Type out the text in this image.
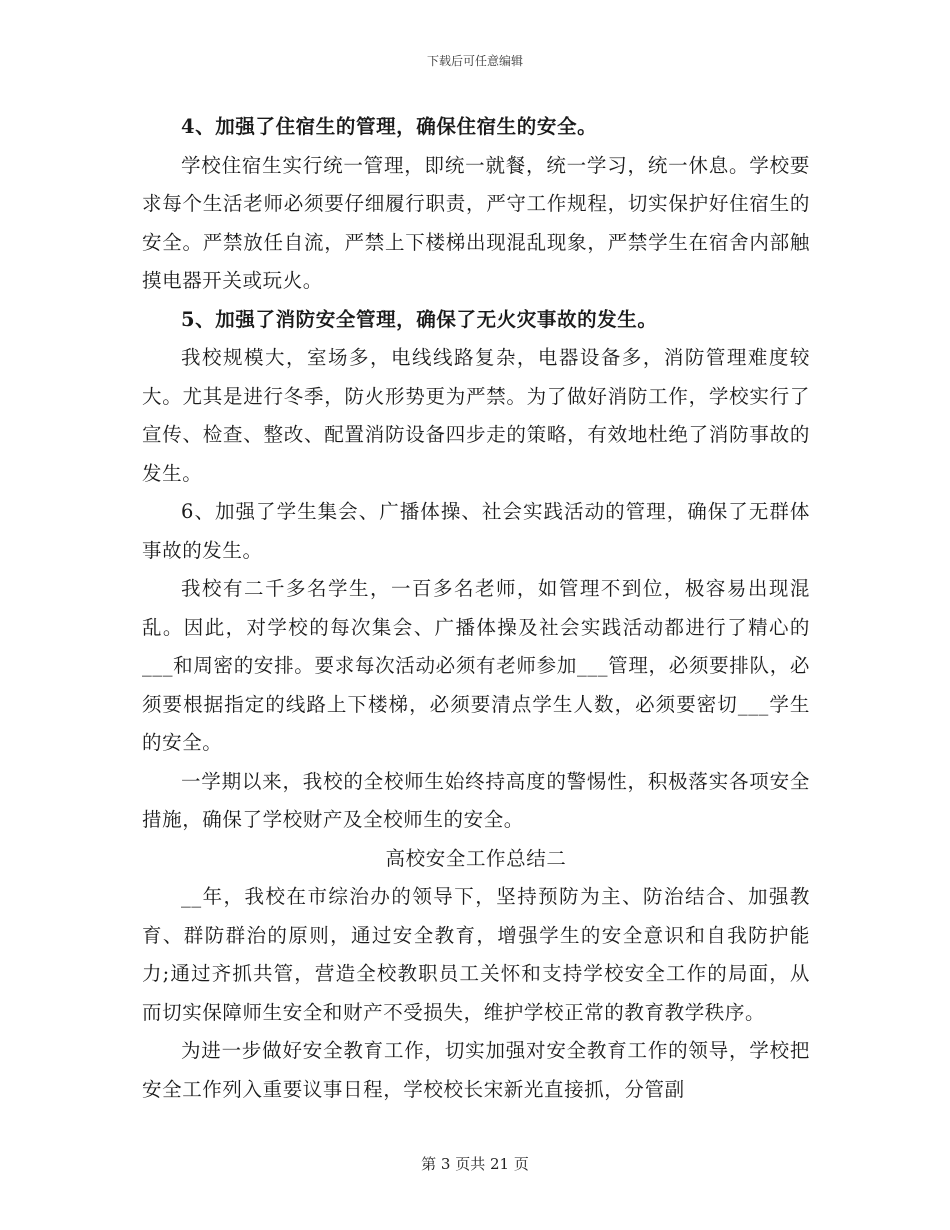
下载后可任意编辑

4、加强了住宿生的管理，确保住宿生的安全。

学校住宿生实行统一管理，即统一就餐，统一学习，统一休息。学校要求每个生活老师必须要仔细履行职责，严守工作规程，切实保护好住宿生的安全。严禁放任自流，严禁上下楼梯出现混乱现象，严禁学生在宿舍内部触摸电器开关或玩火。

5、加强了消防安全管理，确保了无火灾事故的发生。

我校规模大，室场多，电线线路复杂，电器设备多，消防管理难度较大。尤其是进行冬季，防火形势更为严禁。为了做好消防工作，学校实行了宣传、检查、整改、配置消防设备四步走的策略，有效地杜绝了消防事故的发生。

6、加强了学生集会、广播体操、社会实践活动的管理，确保了无群体事故的发生。

我校有二千多名学生，一百多名老师，如管理不到位，极容易出现混乱。因此，对学校的每次集会、广播体操及社会实践活动都进行了精心的___和周密的安排。要求每次活动必须有老师参加___管理，必须要排队，必须要根据指定的线路上下楼梯，必须要清点学生人数，必须要密切___学生的安全。

一学期以来，我校的全校师生始终持高度的警惕性，积极落实各项安全措施，确保了学校财产及全校师生的安全。

高校安全工作总结二

__年，我校在市综治办的领导下，坚持预防为主、防治结合、加强教育、群防群治的原则，通过安全教育，增强学生的安全意识和自我防护能力;通过齐抓共管，营造全校教职员工关怀和支持学校安全工作的局面，从而切实保障师生安全和财产不受损失，维护学校正常的教育教学秩序。

为进一步做好安全教育工作，切实加强对安全教育工作的领导，学校把安全工作列入重要议事日程，学校校长宋新光直接抓，分管副

第 3 页共 21 页
